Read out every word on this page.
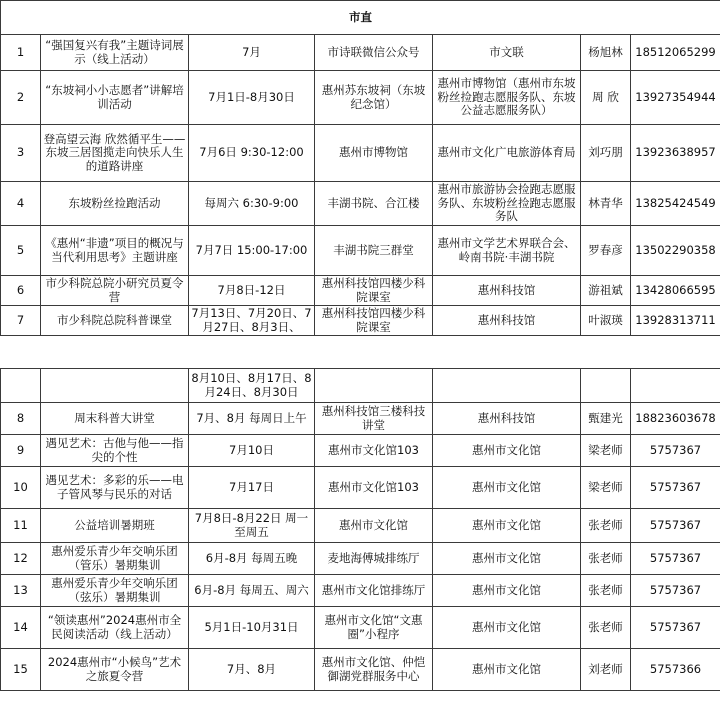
市直						
1	“强国复兴有我”主题诗词展示（线上活动）	7月	市诗联微信公众号	市文联	杨旭林	18512065299
2	“东坡祠小小志愿者”讲解培训活动	7月1日-8月30日	惠州苏东坡祠（东坡纪念馆）	惠州市博物馆（惠州市东坡粉丝捡跑志愿服务队、东坡公益志愿服务队）	周 欣	13927354944
3	登高望云海 欣然循平生——东坡三居图揽走向快乐人生的道路讲座	7月6日 9:30-12:00	惠州市博物馆	惠州市文化广电旅游体育局	刘巧朋	13923638957
4	东坡粉丝捡跑活动	每周六 6:30-9:00	丰湖书院、合江楼	惠州市旅游协会捡跑志愿服务队、东坡粉丝捡跑志愿服务队	林青华	13825424549
5	《惠州“非遗”项目的概况与当代利用思考》主题讲座	7月7日 15:00-17:00	丰湖书院三群堂	惠州市文学艺术界联合会、岭南书院·丰湖书院	罗春彦	13502290358
6	市少科院总院小研究员夏令营	7月8日-12日	惠州科技馆四楼少科院课室	惠州科技馆	游祖斌	13428066595
7	市少科院总院科普课堂	7月13日、7月20日、7月27日、8月3日、	惠州科技馆四楼少科院课室	惠州科技馆	叶淑瑛	13928313711
		8月10日、8月17日、8月24日、8月30日				
8	周末科普大讲堂	7月、8月 每周日上午	惠州科技馆三楼科技讲堂	惠州科技馆	甄建光	18823603678
9	遇见艺术：古他与他——指尖的个性	7月10日	惠州市文化馆103	惠州市文化馆	梁老师	5757367
10	遇见艺术：多彩的乐——电子管风琴与民乐的对话	7月17日	惠州市文化馆103	惠州市文化馆	梁老师	5757367
11	公益培训暑期班	7月8日-8月22日 周一至周五	惠州市文化馆	惠州市文化馆	张老师	5757367
12	惠州爱乐青少年交响乐团（管乐）暑期集训	6月-8月 每周五晚	麦地海傅城排练厅	惠州市文化馆	张老师	5757367
13	惠州爱乐青少年交响乐团（弦乐）暑期集训	6月-8月 每周五、周六	惠州市文化馆排练厅	惠州市文化馆	张老师	5757367
14	“领读惠州”2024惠州市全民阅读活动（线上活动）	5月1日-10月31日	惠州市文化馆“文惠圈”小程序	惠州市文化馆	张老师	5757367
15	2024惠州市“小候鸟”艺术之旅夏令营	7月、8月	惠州市文化馆、仲恺御湖党群服务中心	惠州市文化馆	刘老师	5757366
